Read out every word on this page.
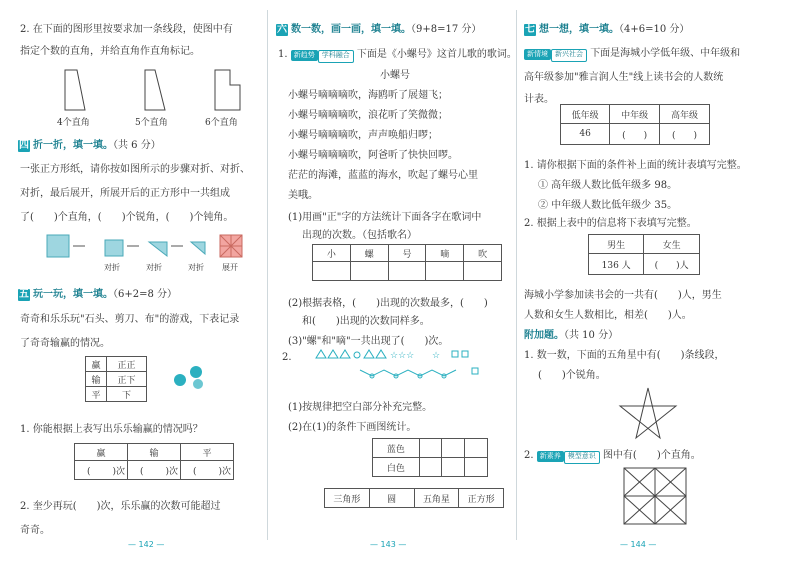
2. 在下面的图形里按要求加一条线段，使图中有
指定个数的直角，并给直角作直角标记。
4个直角	5个直角	6个直角
四 折一折，填一填。（共 6 分）
一张正方形纸，请你按如图所示的步骤对折、对折、
对折，最后展开，所展开后的正方形中一共组成
了(　　)个直角，(　　)个锐角，(　　)个钝角。
对折	对折	对折 展开
五 玩一玩，填一填。（6+2=8 分）
奇奇和乐乐玩"石头、剪刀、布"的游戏，下表记录
了奇奇输赢的情况。
赢	正正
输	正下
平	下
1. 你能根据上表写出乐乐输赢的情况吗？
赢	输	平
( )次	( )次	( )次
2. 奎少再玩(　　)次，乐乐赢的次数可能超过
奇奇。
— 142 —
六 数一数，画一画，填一填。（9+8=17 分）
1. 新趋势 学科融合 下面是《小螺号》这首儿歌的歌词。
小螺号
小螺号嘀嘀嘀吹，海鸥听了展翅飞；
小螺号嘀嘀嘀吹，浪花听了笑微微；
小螺号嘀嘀嘀吹，声声唤船归啰；
小螺号嘀嘀嘀吹，阿爸听了快快回啰。
茫茫的海滩，蓝蓝的海水，吹起了螺号心里
美哦。
(1)用画"正"字的方法统计下面各字在歌词中
出现的次数。（包括歌名）
小	螺	号	嘀	吹

(2)根据表格，(　　)出现的次数最多，(　　)
和(　　)出现的次数同样多。
(3)"螺"和"嘀"一共出现了(　　)次。
2.	☆☆☆ ☆
(1)按规律把空白部分补充完整。
(2)在(1)的条件下画图统计。
蓝色			
白色			
三角形	圆	五角星	正方形
— 143 —
七 想一想，填一填。（4+6=10 分）
新情境 新兴社会 下面是海城小学低年级、中年级和
高年级参加"雅言润人生"线上读书会的人数统
计表。
低年级	中年级	高年级
46	(　　)	(　　)
1. 请你根据下面的条件补上面的统计表填写完整。
① 高年级人数比低年级多 98。
② 中年级人数比低年级少 35。
2. 根据上表中的信息将下表填写完整。
男生	女生
136 人	(　　)人
海城小学参加读书会的一共有(　　)人，男生
人数和女生人数相比，相差(　　)人。
附加题。（共 10 分）
1. 数一数，下面的五角星中有(　　)条线段，
(　　)个锐角。
2. 新素养 模型意识 图中有(　　)个直角。
— 144 —
